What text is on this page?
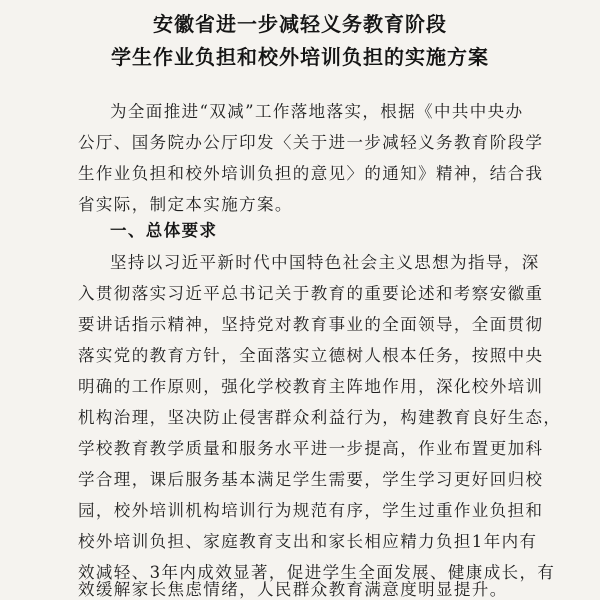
安徽省进一步减轻义务教育阶段
学生作业负担和校外培训负担的实施方案
为全面推进“双减”工作落地落实，根据《中共中央办
公厅、国务院办公厅印发〈关于进一步减轻义务教育阶段学
生作业负担和校外培训负担的意见〉的通知》精神，结合我
省实际，制定本实施方案。
一、总体要求
坚持以习近平新时代中国特色社会主义思想为指导，深
入贯彻落实习近平总书记关于教育的重要论述和考察安徽重
要讲话指示精神，坚持党对教育事业的全面领导，全面贯彻
落实党的教育方针，全面落实立德树人根本任务，按照中央
明确的工作原则，强化学校教育主阵地作用，深化校外培训
机构治理，坚决防止侵害群众利益行为，构建教育良好生态，
学校教育教学质量和服务水平进一步提高，作业布置更加科
学合理，课后服务基本满足学生需要，学生学习更好回归校
园，校外培训机构培训行为规范有序，学生过重作业负担和
校外培训负担、家庭教育支出和家长相应精力负担1年内有
效减轻、3年内成效显著，促进学生全面发展、健康成长，有
效缓解家长焦虑情绪，人民群众教育满意度明显提升。
